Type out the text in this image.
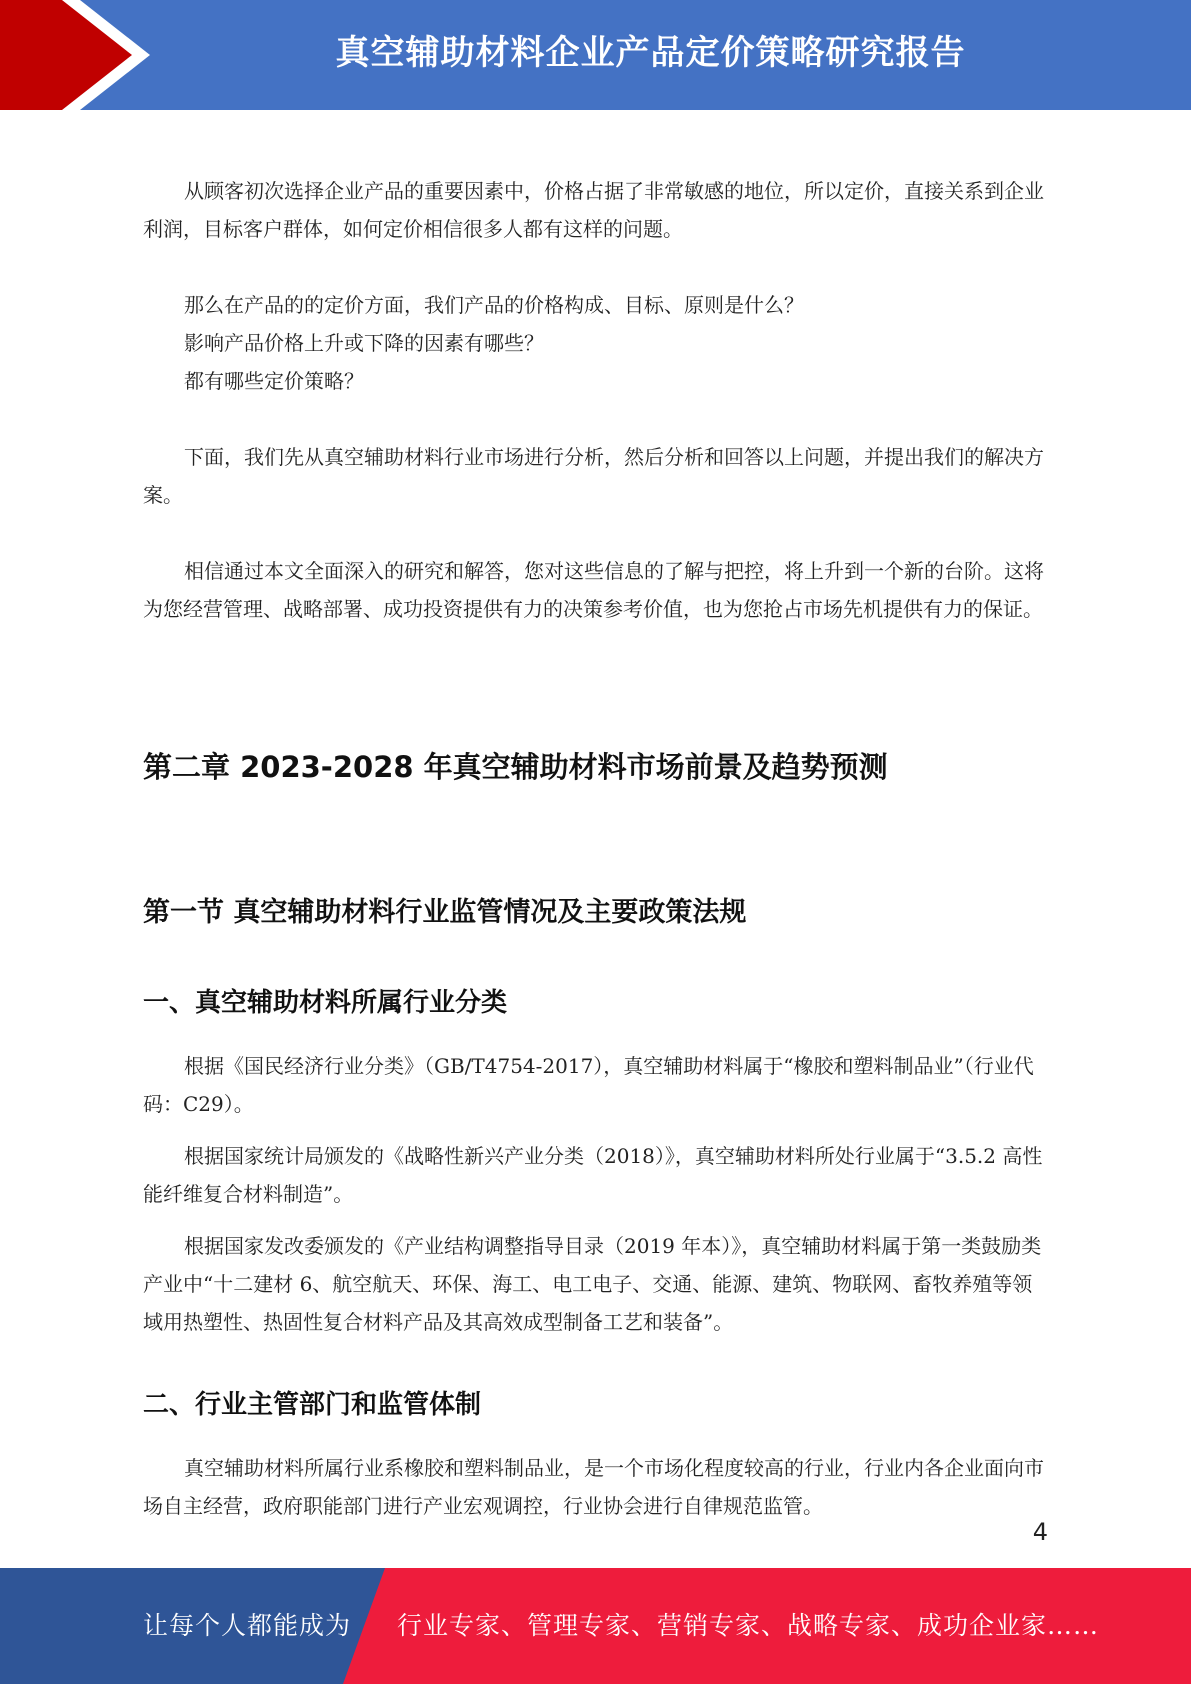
真空辅助材料企业产品定价策略研究报告

从顾客初次选择企业产品的重要因素中，价格占据了非常敏感的地位，所以定价，直接关系到企业利润，目标客户群体，如何定价相信很多人都有这样的问题。

那么在产品的的定价方面，我们产品的价格构成、目标、原则是什么？

影响产品价格上升或下降的因素有哪些？

都有哪些定价策略？

下面，我们先从真空辅助材料行业市场进行分析，然后分析和回答以上问题，并提出我们的解决方案。

相信通过本文全面深入的研究和解答，您对这些信息的了解与把控，将上升到一个新的台阶。这将为您经营管理、战略部署、成功投资提供有力的决策参考价值，也为您抢占市场先机提供有力的保证。

第二章 2023-2028 年真空辅助材料市场前景及趋势预测
第一节 真空辅助材料行业监管情况及主要政策法规
一、真空辅助材料所属行业分类

根据《国民经济行业分类》（GB/T4754-2017），真空辅助材料属于“橡胶和塑料制品业”（行业代码：C29）。

根据国家统计局颁发的《战略性新兴产业分类（2018）》，真空辅助材料所处行业属于“3.5.2 高性能纤维复合材料制造”。

根据国家发改委颁发的《产业结构调整指导目录（2019 年本）》，真空辅助材料属于第一类鼓励类产业中“十二建材 6、航空航天、环保、海工、电工电子、交通、能源、建筑、物联网、畜牧养殖等领域用热塑性、热固性复合材料产品及其高效成型制备工艺和装备”。

二、行业主管部门和监管体制

真空辅助材料所属行业系橡胶和塑料制品业，是一个市场化程度较高的行业，行业内各企业面向市场自主经营，政府职能部门进行产业宏观调控，行业协会进行自律规范监管。

4
让每个人都能成为 行业专家、管理专家、营销专家、战略专家、成功企业家……
